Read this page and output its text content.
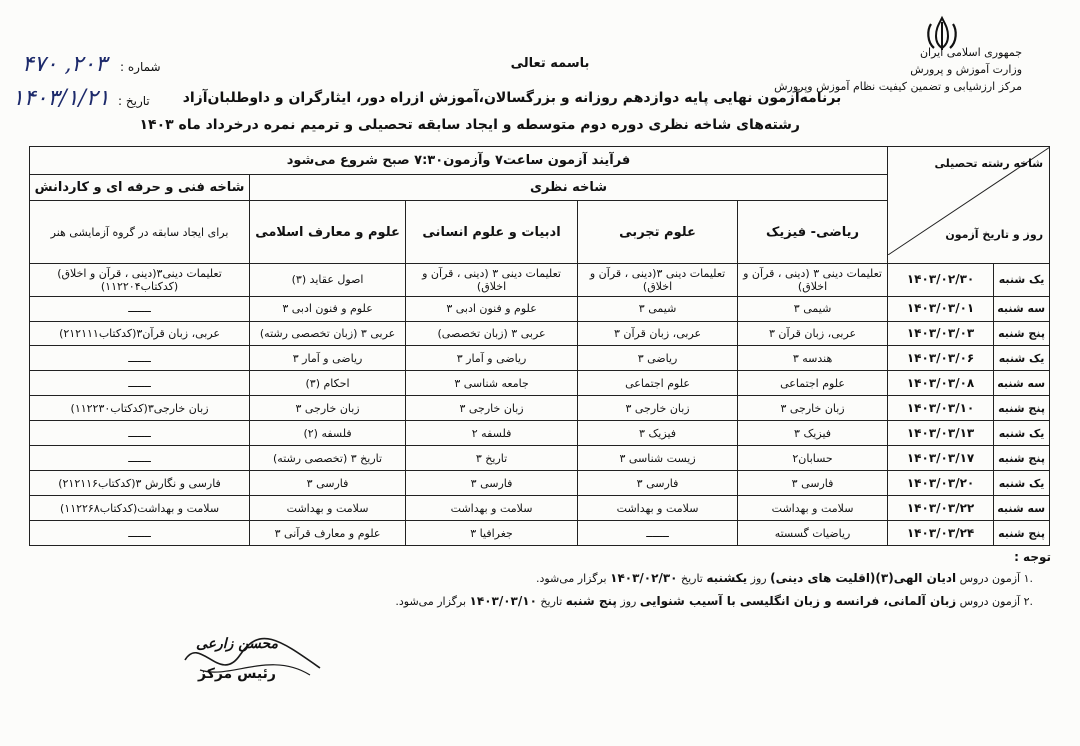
جمهوری اسلامی ایران
وزارت آموزش و پرورش
مرکز ارزشیابی و تضمین کیفیت نظام آموزش وپرورش
باسمه تعالی
شماره :
۴۷۰ ,۲۰۳
تاریخ :
۱۴۰۳/۱/۲۱	برنامه‌آزمون نهایی پایه دوازدهم روزانه و بزرگسالان،آموزش ازراه دور، ایثارگران و داوطلبان‌آزاد
رشته‌های شاخه نظری دوره دوم متوسطه و ایجاد سابقه تحصیلی و ترمیم نمره درخرداد ماه ۱۴۰۳
شاخه رشته تحصیلی
روز و تاریخ آزمون		فرآیند آزمون ساعت۷ وآزمون۷:۳۰ صبح شروع می‌شود				
		شاخه نظری				شاخه فنی و حرفه ای و کاردانش
		ریاضی- فیزیک	علوم تجربی	ادبیات و علوم انسانی	علوم و معارف اسلامی	برای ایجاد سابقه در گروه آزمایشی هنر
یک شنبه	۱۴۰۳/۰۲/۳۰	تعلیمات دینی ۳ (دینی ، قرآن و اخلاق)	تعلیمات دینی ۳(دینی ، قرآن و اخلاق)	تعلیمات دینی ۳ (دینی ، قرآن و اخلاق)	اصول عقاید (۳)	تعلیمات دینی۳(دینی ، قرآن و اخلاق)(کدکتاب۱۱۲۲۰۴)
سه شنبه	۱۴۰۳/۰۳/۰۱	شیمی ۳	شیمی ۳	علوم و فنون ادبی ۳	علوم و فنون ادبی ۳	ـــــــ
پنج شنبه	۱۴۰۳/۰۳/۰۳	عربی، زبان قرآن ۳	عربی، زبان قرآن ۳	عربی ۳ (زبان تخصصی)	عربی ۳ (زبان تخصصی رشته)	عربی، زبان قرآن۳(کدکتاب۲۱۲۱۱۱)
یک شنبه	۱۴۰۳/۰۳/۰۶	هندسه ۳	ریاضی ۳	ریاضی و آمار ۳	ریاضی و آمار ۳	ـــــــ
سه شنبه	۱۴۰۳/۰۳/۰۸	علوم اجتماعی	علوم اجتماعی	جامعه شناسی ۳	احکام (۳)	ـــــــ
پنج شنبه	۱۴۰۳/۰۳/۱۰	زبان خارجی ۳	زبان خارجی ۳	زبان خارجی ۳	زبان خارجی ۳	زبان خارجی۳(کدکتاب۱۱۲۲۳۰)
یک شنبه	۱۴۰۳/۰۳/۱۳	فیزیک ۳	فیزیک ۳	فلسفه ۲	فلسفه (۲)	ـــــــ
پنج شنبه	۱۴۰۳/۰۳/۱۷	حسابان۲	زیست شناسی ۳	تاریخ ۳	تاریخ ۳ (تخصصی رشته)	ـــــــ
یک شنبه	۱۴۰۳/۰۳/۲۰	فارسی ۳	فارسی ۳	فارسی ۳	فارسی ۳	فارسی و نگارش ۳(کدکتاب۲۱۲۱۱۶)
سه شنبه	۱۴۰۳/۰۳/۲۲	سلامت و بهداشت	سلامت و بهداشت	سلامت و بهداشت	سلامت و بهداشت	سلامت و بهداشت(کدکتاب۱۱۲۲۶۸)
پنج شنبه	۱۴۰۳/۰۳/۲۴	ریاضیات گسسته	ـــــــ	جغرافیا ۳	علوم و معارف قرآنی ۳	ـــــــ
توجه :
.۱ آزمون دروس ادیان الهی(۳)(اقلیت های دینی) روز یکشنبه تاریخ ۱۴۰۳/۰۲/۳۰ برگزار می‌شود.
.۲ آزمون دروس زبان آلمانی، فرانسه و زبان انگلیسی با آسیب شنوایی روز پنج شنبه تاریخ ۱۴۰۳/۰۳/۱۰ برگزار می‌شود.
محسن زارعی
رئیس مرکز
